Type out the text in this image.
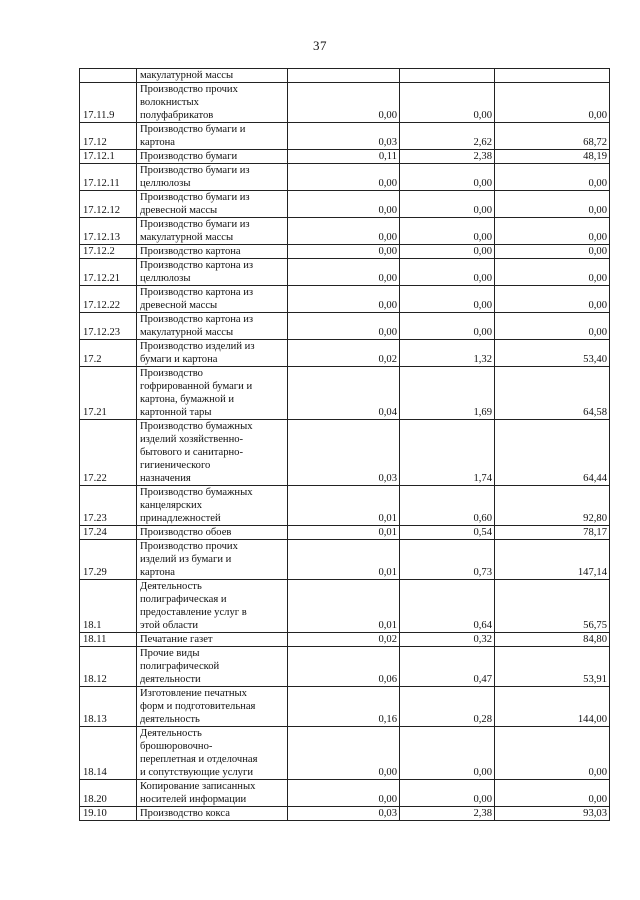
37

	макулатурной массы			

17.11.9	Производство прочих
волокнистых
полуфабрикатов	0,00	0,00	0,00
17.12	Производство бумаги и
картона	0,03	2,62	68,72
17.12.1	Производство бумаги	0,11	2,38	48,19
17.12.11	Производство бумаги из
целлюлозы	0,00	0,00	0,00
17.12.12	Производство бумаги из
древесной массы	0,00	0,00	0,00
17.12.13	Производство бумаги из
макулатурной массы	0,00	0,00	0,00
17.12.2	Производство картона	0,00	0,00	0,00
17.12.21	Производство картона из
целлюлозы	0,00	0,00	0,00
17.12.22	Производство картона из
древесной массы	0,00	0,00	0,00
17.12.23	Производство картона из
макулатурной массы	0,00	0,00	0,00
17.2	Производство изделий из
бумаги и картона	0,02	1,32	53,40
17.21	Производство
гофрированной бумаги и
картона, бумажной и
картонной тары	0,04	1,69	64,58
17.22	Производство бумажных
изделий хозяйственно-
бытового и санитарно-
гигиенического
назначения	0,03	1,74	64,44
17.23	Производство бумажных
канцелярских
принадлежностей	0,01	0,60	92,80
17.24	Производство обоев	0,01	0,54	78,17
17.29	Производство прочих
изделий из бумаги и
картона	0,01	0,73	147,14
18.1	Деятельность
полиграфическая и
предоставление услуг в
этой области	0,01	0,64	56,75
18.11	Печатание газет	0,02	0,32	84,80
18.12	Прочие виды
полиграфической
деятельности	0,06	0,47	53,91
18.13	Изготовление печатных
форм и подготовительная
деятельность	0,16	0,28	144,00
18.14	Деятельность
брошюровочно-
переплетная и отделочная
и сопутствующие услуги	0,00	0,00	0,00
18.20	Копирование записанных
носителей информации	0,00	0,00	0,00
19.10	Производство кокса	0,03	2,38	93,03
